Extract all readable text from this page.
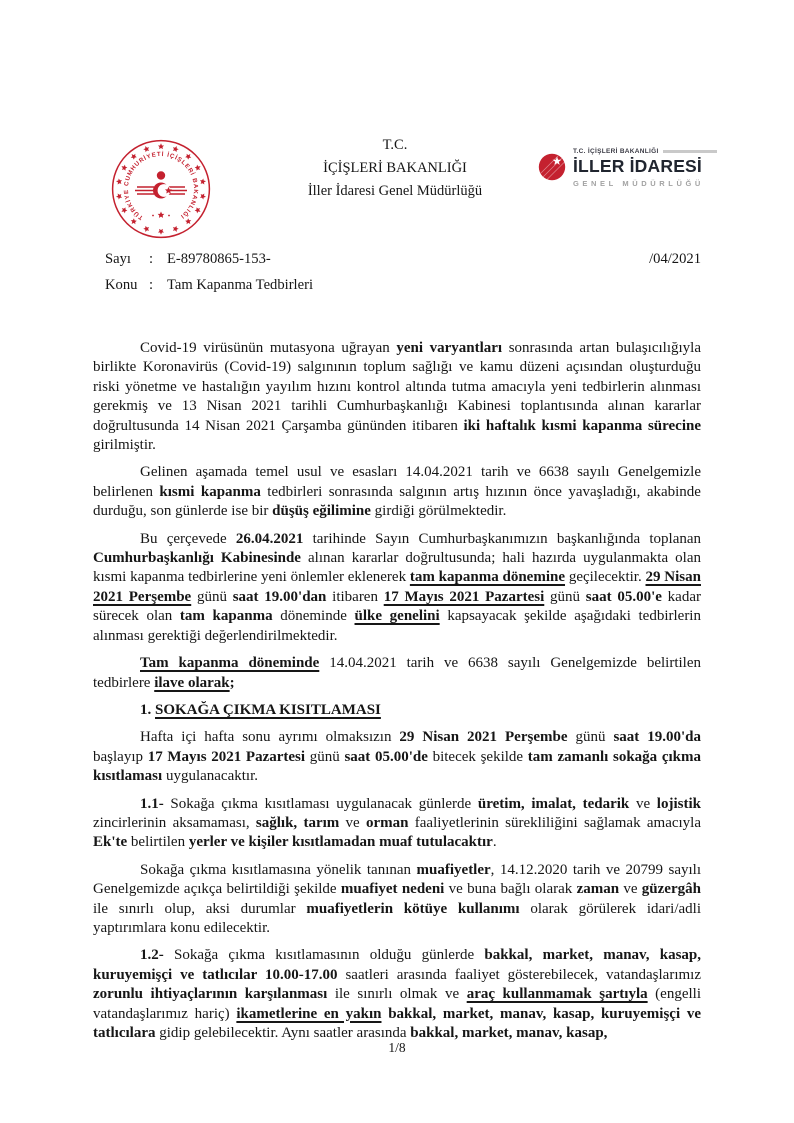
TÜRKİYE CUMHURİYETİ İÇİŞLERİ BAKANLIĞI
T.C.
İÇİŞLERİ BAKANLIĞI
İller İdaresi Genel Müdürlüğü
T.C. İÇİŞLERİ BAKANLIĞI
İLLER İDARESİ
GENEL MÜDÜRLÜĞÜ
Sayı	: E-89780865-153-	/04/2021
Konu : Tam Kapanma Tedbirleri

Covid-19 virüsünün mutasyona uğrayan yeni varyantları sonrasında artan bulaşıcılığıyla birlikte Koronavirüs (Covid-19) salgınının toplum sağlığı ve kamu düzeni açısından oluşturduğu riski yönetme ve hastalığın yayılım hızını kontrol altında tutma amacıyla yeni tedbirlerin alınması gerekmiş ve 13 Nisan 2021 tarihli Cumhurbaşkanlığı Kabinesi toplantısında alınan kararlar doğrultusunda 14 Nisan 2021 Çarşamba gününden itibaren iki haftalık kısmi kapanma sürecine girilmiştir.

Gelinen aşamada temel usul ve esasları 14.04.2021 tarih ve 6638 sayılı Genelgemizle belirlenen kısmi kapanma tedbirleri sonrasında salgının artış hızının önce yavaşladığı, akabinde durduğu, son günlerde ise bir düşüş eğilimine girdiği görülmektedir.

Bu çerçevede 26.04.2021 tarihinde Sayın Cumhurbaşkanımızın başkanlığında toplanan Cumhurbaşkanlığı Kabinesinde alınan kararlar doğrultusunda; hali hazırda uygulanmakta olan kısmi kapanma tedbirlerine yeni önlemler eklenerek tam kapanma dönemine geçilecektir. 29 Nisan 2021 Perşembe günü saat 19.00'dan itibaren 17 Mayıs 2021 Pazartesi günü saat 05.00'e kadar sürecek olan tam kapanma döneminde ülke genelini kapsayacak şekilde aşağıdaki tedbirlerin alınması gerektiği değerlendirilmektedir.

Tam kapanma döneminde 14.04.2021 tarih ve 6638 sayılı Genelgemizde belirtilen tedbirlere ilave olarak;

1. SOKAĞA ÇIKMA KISITLAMASI

Hafta içi hafta sonu ayrımı olmaksızın 29 Nisan 2021 Perşembe günü saat 19.00'da başlayıp 17 Mayıs 2021 Pazartesi günü saat 05.00'de bitecek şekilde tam zamanlı sokağa çıkma kısıtlaması uygulanacaktır.

1.1- Sokağa çıkma kısıtlaması uygulanacak günlerde üretim, imalat, tedarik ve lojistik zincirlerinin aksamaması, sağlık, tarım ve orman faaliyetlerinin sürekliliğini sağlamak amacıyla Ek'te belirtilen yerler ve kişiler kısıtlamadan muaf tutulacaktır.

Sokağa çıkma kısıtlamasına yönelik tanınan muafiyetler, 14.12.2020 tarih ve 20799 sayılı Genelgemizde açıkça belirtildiği şekilde muafiyet nedeni ve buna bağlı olarak zaman ve güzergâh ile sınırlı olup, aksi durumlar muafiyetlerin kötüye kullanımı olarak görülerek idari/adli yaptırımlara konu edilecektir.

1.2- Sokağa çıkma kısıtlamasının olduğu günlerde bakkal, market, manav, kasap, kuruyemişçi ve tatlıcılar 10.00-17.00 saatleri arasında faaliyet gösterebilecek, vatandaşlarımız zorunlu ihtiyaçlarının karşılanması ile sınırlı olmak ve araç kullanmamak şartıyla (engelli vatandaşlarımız hariç) ikametlerine en yakın bakkal, market, manav, kasap, kuruyemişçi ve tatlıcılara gidip gelebilecektir. Aynı saatler arasında bakkal, market, manav, kasap,

1/8
